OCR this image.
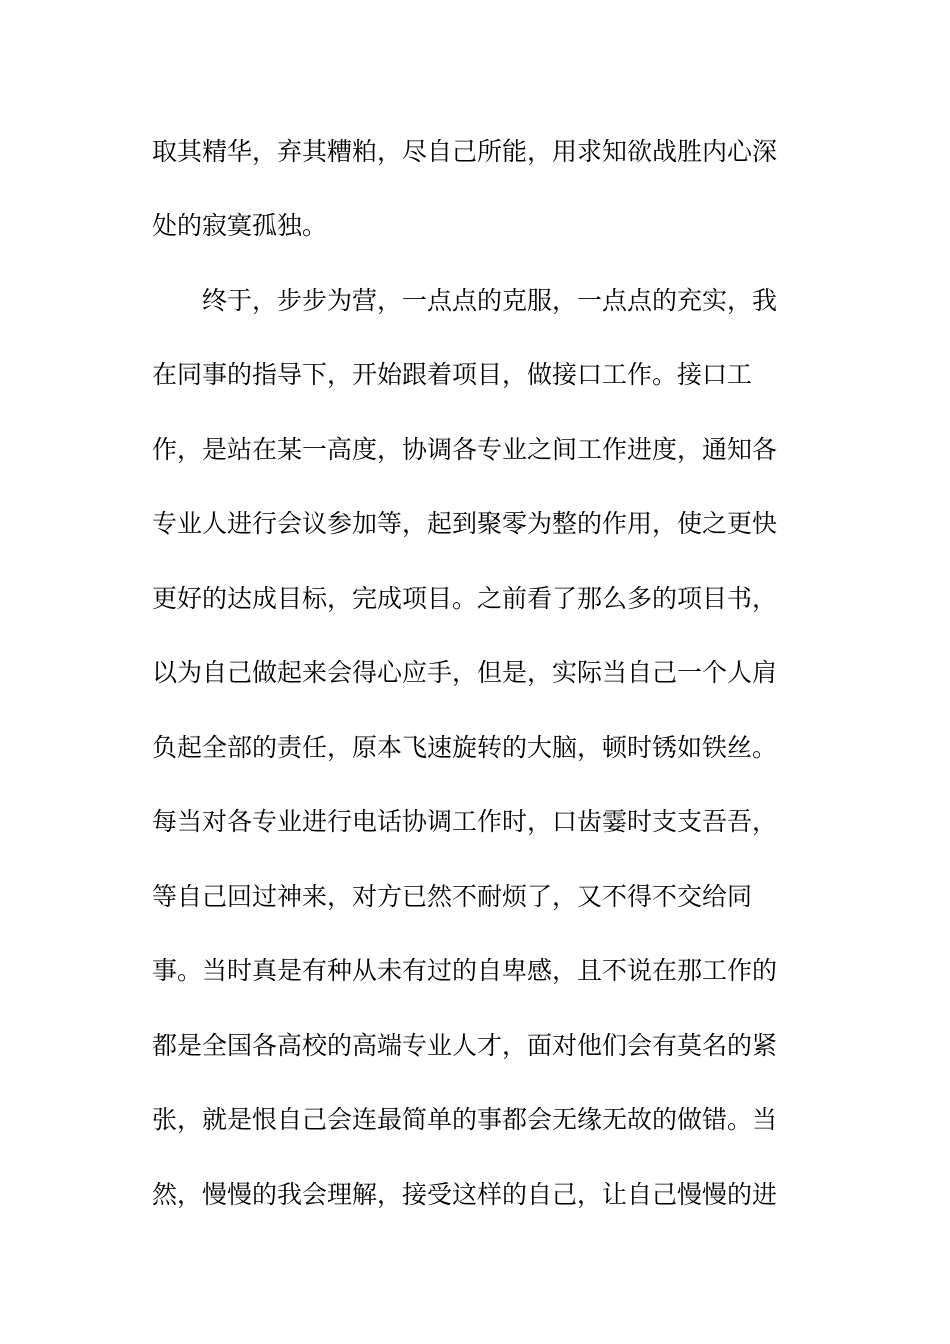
取其精华，弃其糟粕，尽自己所能，用求知欲战胜内心深
处的寂寞孤独。
终于，步步为营，一点点的克服，一点点的充实，我
在同事的指导下，开始跟着项目，做接口工作。接口工
作，是站在某一高度，协调各专业之间工作进度，通知各
专业人进行会议参加等，起到聚零为整的作用，使之更快
更好的达成目标，完成项目。之前看了那么多的项目书，
以为自己做起来会得心应手，但是，实际当自己一个人肩
负起全部的责任，原本飞速旋转的大脑，顿时锈如铁丝。
每当对各专业进行电话协调工作时，口齿霎时支支吾吾，
等自己回过神来，对方已然不耐烦了，又不得不交给同
事。当时真是有种从未有过的自卑感，且不说在那工作的
都是全国各高校的高端专业人才，面对他们会有莫名的紧
张，就是恨自己会连最简单的事都会无缘无故的做错。当
然，慢慢的我会理解，接受这样的自己，让自己慢慢的进
